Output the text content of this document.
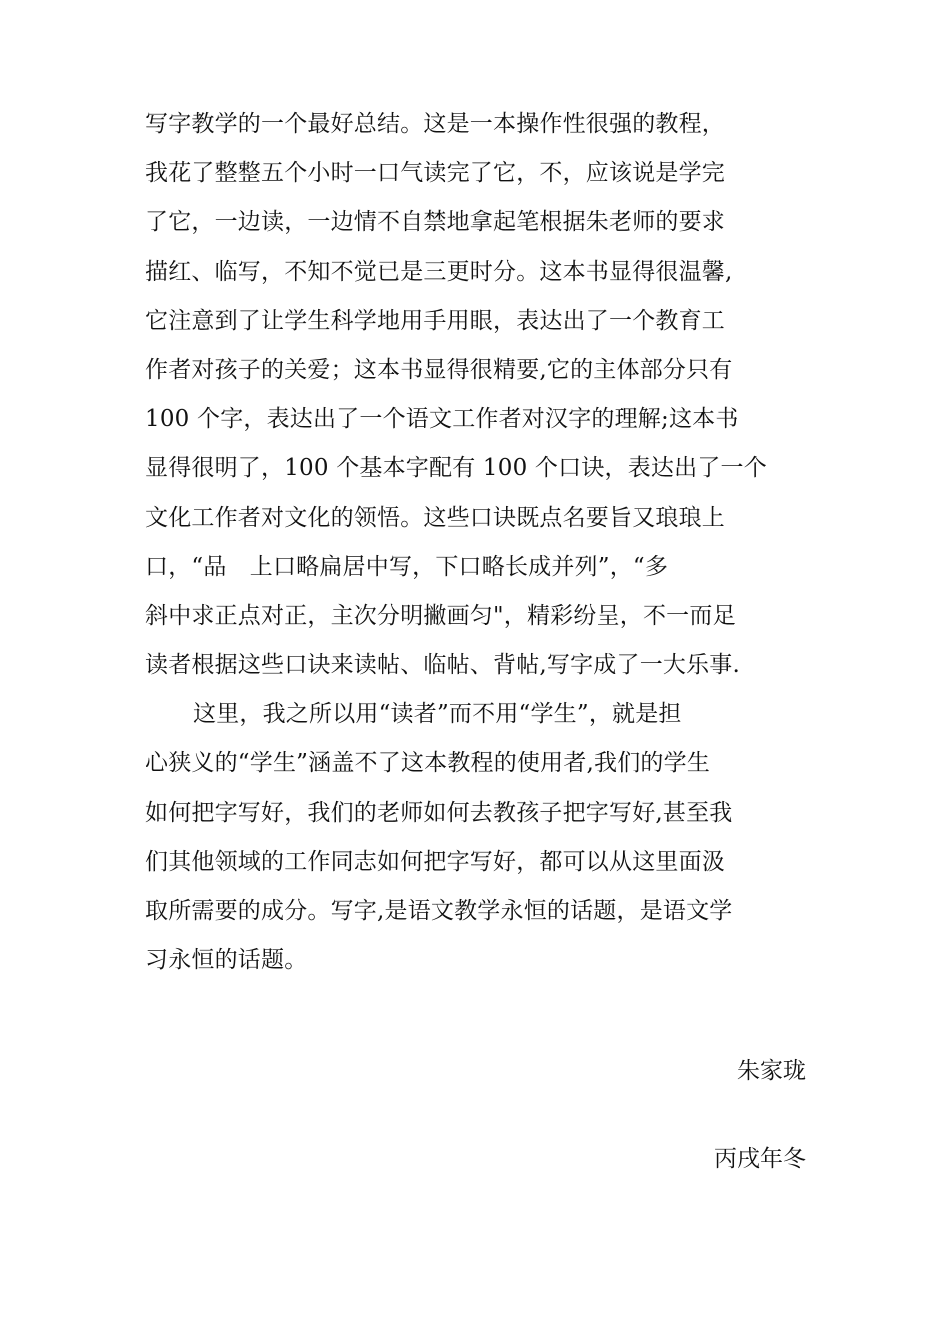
写字教学的一个最好总结。这是一本操作性很强的教程，
我花了整整五个小时一口气读完了它，不，应该说是学完
了它，一边读，一边情不自禁地拿起笔根据朱老师的要求
描红、临写，不知不觉已是三更时分。这本书显得很温馨,
它注意到了让学生科学地用手用眼，表达出了一个教育工
作者对孩子的关爱；这本书显得很精要,它的主体部分只有
100 个字，表达出了一个语文工作者对汉字的理解;这本书
显得很明了，100 个基本字配有 100 个口诀，表达出了一个
文化工作者对文化的领悟。这些口诀既点名要旨又琅琅上
口，“品　上口略扁居中写，下口略长成并列”，“多
斜中求正点对正，主次分明撇画匀"，精彩纷呈，不一而足
读者根据这些口诀来读帖、临帖、背帖,写字成了一大乐事.
这里，我之所以用“读者”而不用“学生”，就是担
心狭义的“学生”涵盖不了这本教程的使用者,我们的学生
如何把字写好，我们的老师如何去教孩子把字写好,甚至我
们其他领域的工作同志如何把字写好，都可以从这里面汲
取所需要的成分。写字,是语文教学永恒的话题，是语文学
习永恒的话题。
朱家珑
丙戌年冬
